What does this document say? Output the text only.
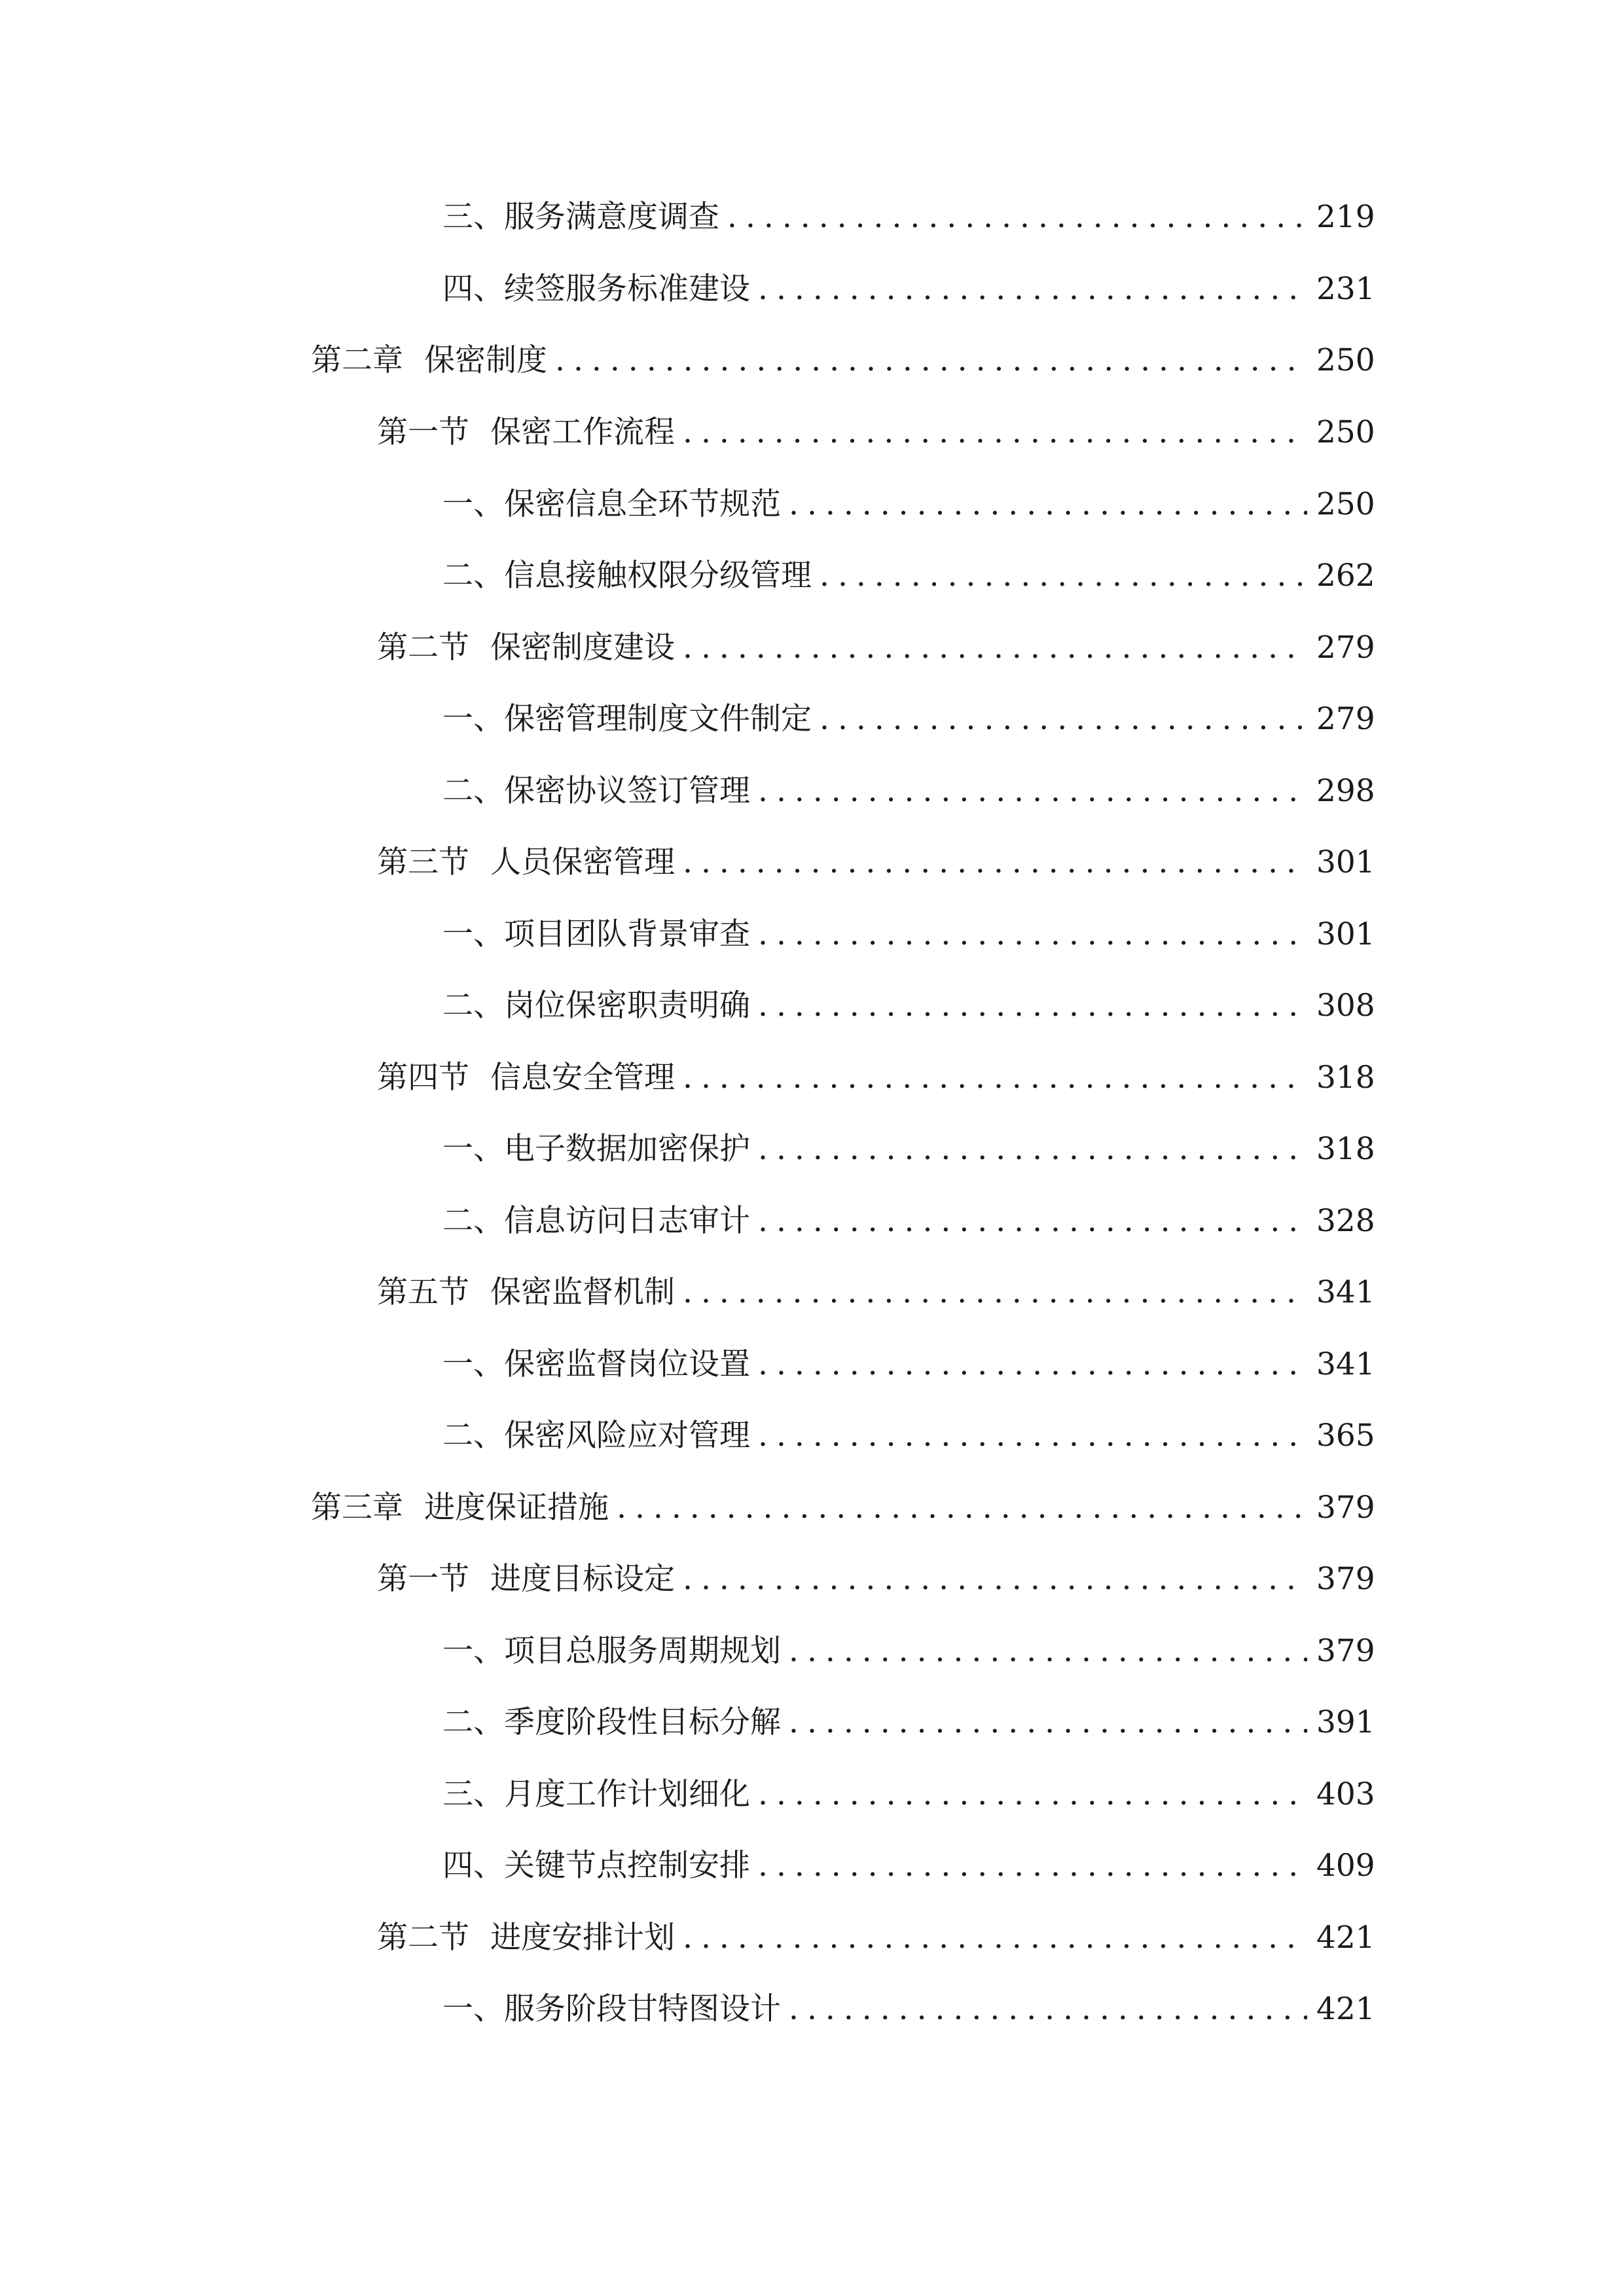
三、 服务满意度调查 .....	219
四、 续签服务标准建设 .....	231
第二章 保密制度 .....	250
第一节 保密工作流程 .....	250
一、 保密信息全环节规范 .....	250
二、 信息接触权限分级管理 .....	262
第二节 保密制度建设 .....	279
一、 保密管理制度文件制定 .....	279
二、 保密协议签订管理 .....	298
第三节 人员保密管理 .....	301
一、 项目团队背景审查 .....	301
二、 岗位保密职责明确 .....	308
第四节 信息安全管理 .....	318
一、 电子数据加密保护 .....	318
二、 信息访问日志审计 .....	328
第五节 保密监督机制 .....	341
一、 保密监督岗位设置 .....	341
二、 保密风险应对管理 .....	365
第三章 进度保证措施 .....	379
第一节 进度目标设定 .....	379
一、 项目总服务周期规划 .....	379
二、 季度阶段性目标分解 .....	391
三、 月度工作计划细化 .....	403
四、 关键节点控制安排 .....	409
第二节 进度安排计划 .....	421
一、 服务阶段甘特图设计 .....	421
